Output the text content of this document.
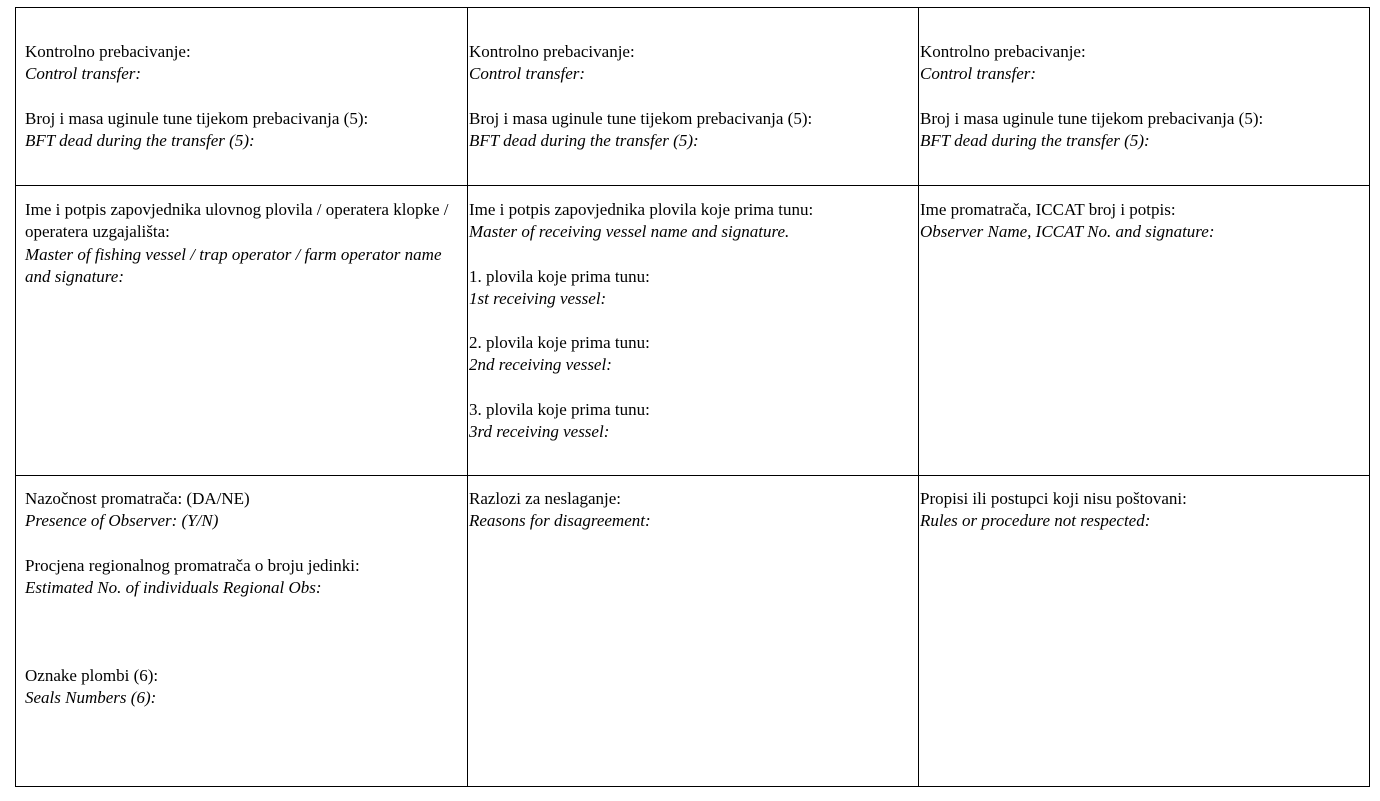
Kontrolno prebacivanje:
Control transfer:
Broj i masa uginule tune tijekom prebacivanja (5):
BFT dead during the transfer (5):
Kontrolno prebacivanje:
Control transfer:
Broj i masa uginule tune tijekom prebacivanja (5):
BFT dead during the transfer (5):
Kontrolno prebacivanje:
Control transfer:
Broj i masa uginule tune tijekom prebacivanja (5):
BFT dead during the transfer (5):
Ime i potpis zapovjednika ulovnog plovila / operatera klopke / operatera uzgajališta:
Master of fishing vessel / trap operator / farm operator name and signature:
Ime i potpis zapovjednika plovila koje prima tunu:
Master of receiving vessel name and signature.
1. plovila koje prima tunu:
1st receiving vessel:
2. plovila koje prima tunu:
2nd receiving vessel:
3. plovila koje prima tunu:
3rd receiving vessel:
Ime promatrača, ICCAT broj i potpis:
Observer Name, ICCAT No. and signature:
Nazočnost promatrača: (DA/NE)
Presence of Observer: (Y/N)
Procjena regionalnog promatrača o broju jedinki:
Estimated No. of individuals Regional Obs:
Oznake plombi (6):
Seals Numbers (6):
Razlozi za neslaganje:
Reasons for disagreement:
Propisi ili postupci koji nisu poštovani:
Rules or procedure not respected:
